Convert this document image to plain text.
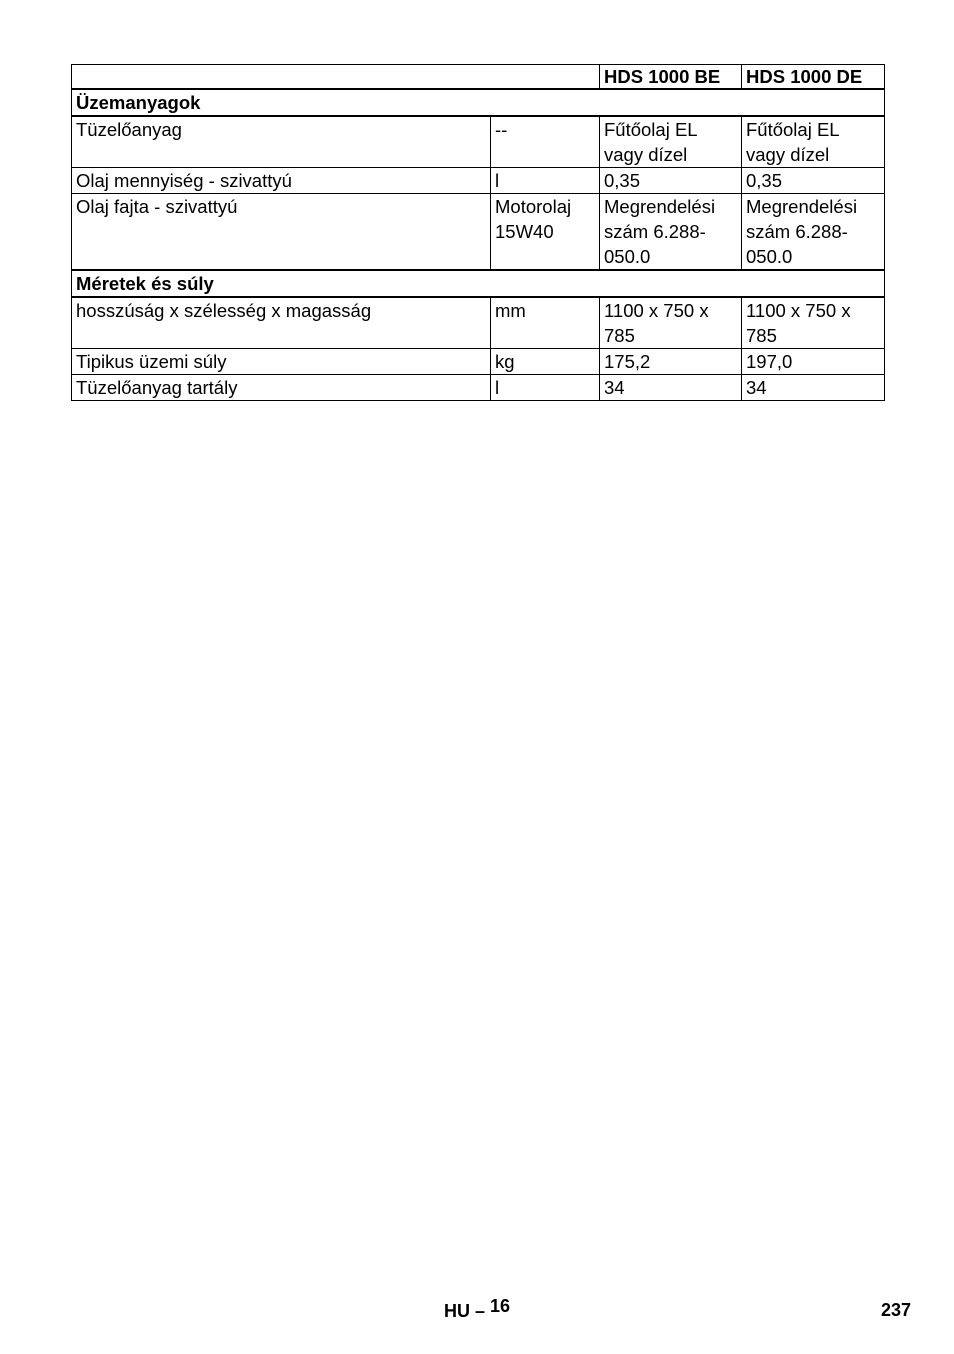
		HDS 1000 BE	HDS 1000 DE
Üzemanyagok			
Tüzelőanyag	--	Fűtőolaj EL vagy dízel	Fűtőolaj EL vagy dízel
Olaj mennyiség - szivattyú	l	0,35	0,35
Olaj fajta - szivattyú	Motorolaj 15W40	Megrendelési szám 6.288-050.0	Megrendelési szám 6.288-050.0
Méretek és súly			
hosszúság x szélesség x magasság	mm	1100 x 750 x 785	1100 x 750 x 785
Tipikus üzemi súly	kg	175,2	197,0
Tüzelőanyag tartály	l	34	34
HU – 16	237
